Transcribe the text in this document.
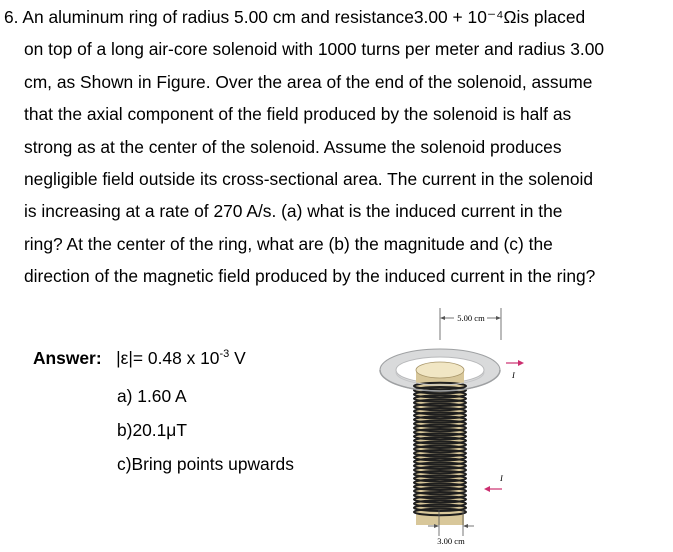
6. An aluminum ring of radius 5.00 cm and resistance3.00 + 10⁻⁴Ωis placed
on top of a long air-core solenoid with 1000 turns per meter and radius 3.00
cm, as Shown in Figure. Over the area of the end of the solenoid, assume
that the axial component of the field produced by the solenoid is half as
strong as at the center of the solenoid. Assume the solenoid produces
negligible field outside its cross-sectional area. The current in the solenoid
is increasing at a rate of 270 A/s. (a) what is the induced current in the
ring? At the center of the ring, what are (b) the magnitude and (c) the
direction of the magnetic field produced by the induced current in the ring?
Answer: |ε|= 0.48 x $10^{-3}$ V
a) 1.60 A
b)20.1μT
c)Bring points upwards
5.00 cm
I
I
3.00 cm
